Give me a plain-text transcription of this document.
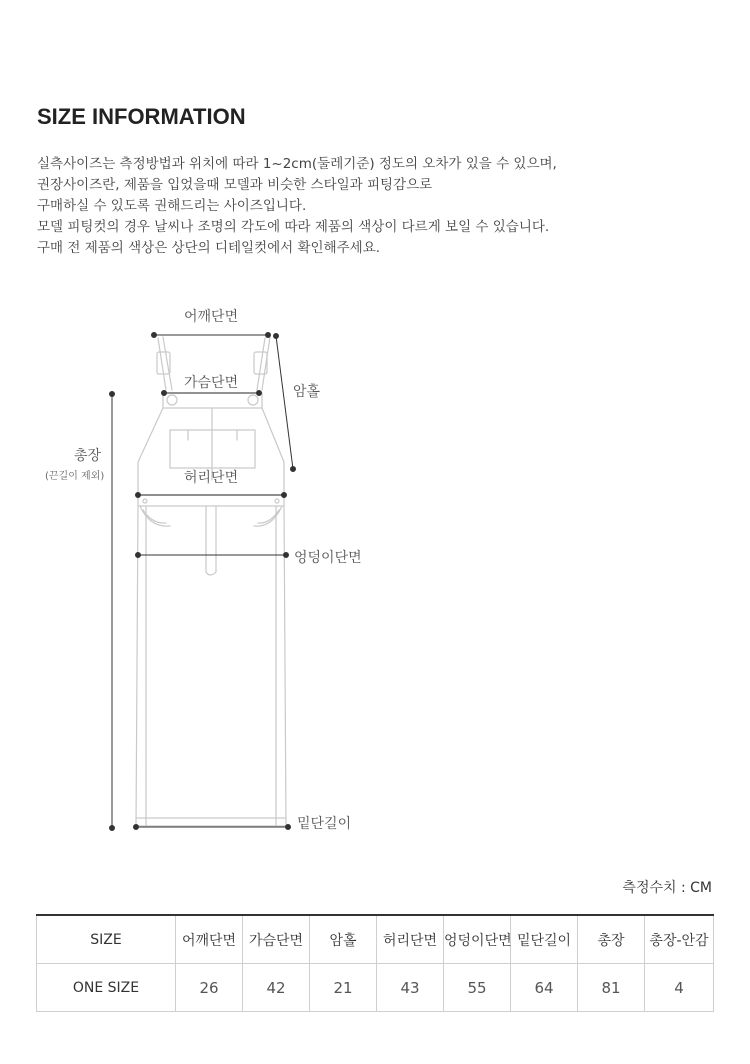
SIZE INFORMATION

실측사이즈는 측정방법과 위치에 따라 1~2cm(둘레기준) 정도의 오차가 있을 수 있으며,

권장사이즈란, 제품을 입었을때 모델과 비슷한 스타일과 피팅감으로

구매하실 수 있도록 권해드리는 사이즈입니다.

모델 피팅컷의 경우 날씨나 조명의 각도에 따라 제품의 색상이 다르게 보일 수 있습니다.

구매 전 제품의 색상은 상단의 디테일컷에서 확인해주세요.

어깨단면
가슴단면
암홀
총장
(끈길이 제외)	허리단면
엉덩이단면
밑단길이
측정수치 : CM
SIZE	어깨단면	가슴단면	암홀	허리단면	엉덩이단면	밑단길이	총장	총장-안감
ONE SIZE	26	42	21	43	55	64	81	4
